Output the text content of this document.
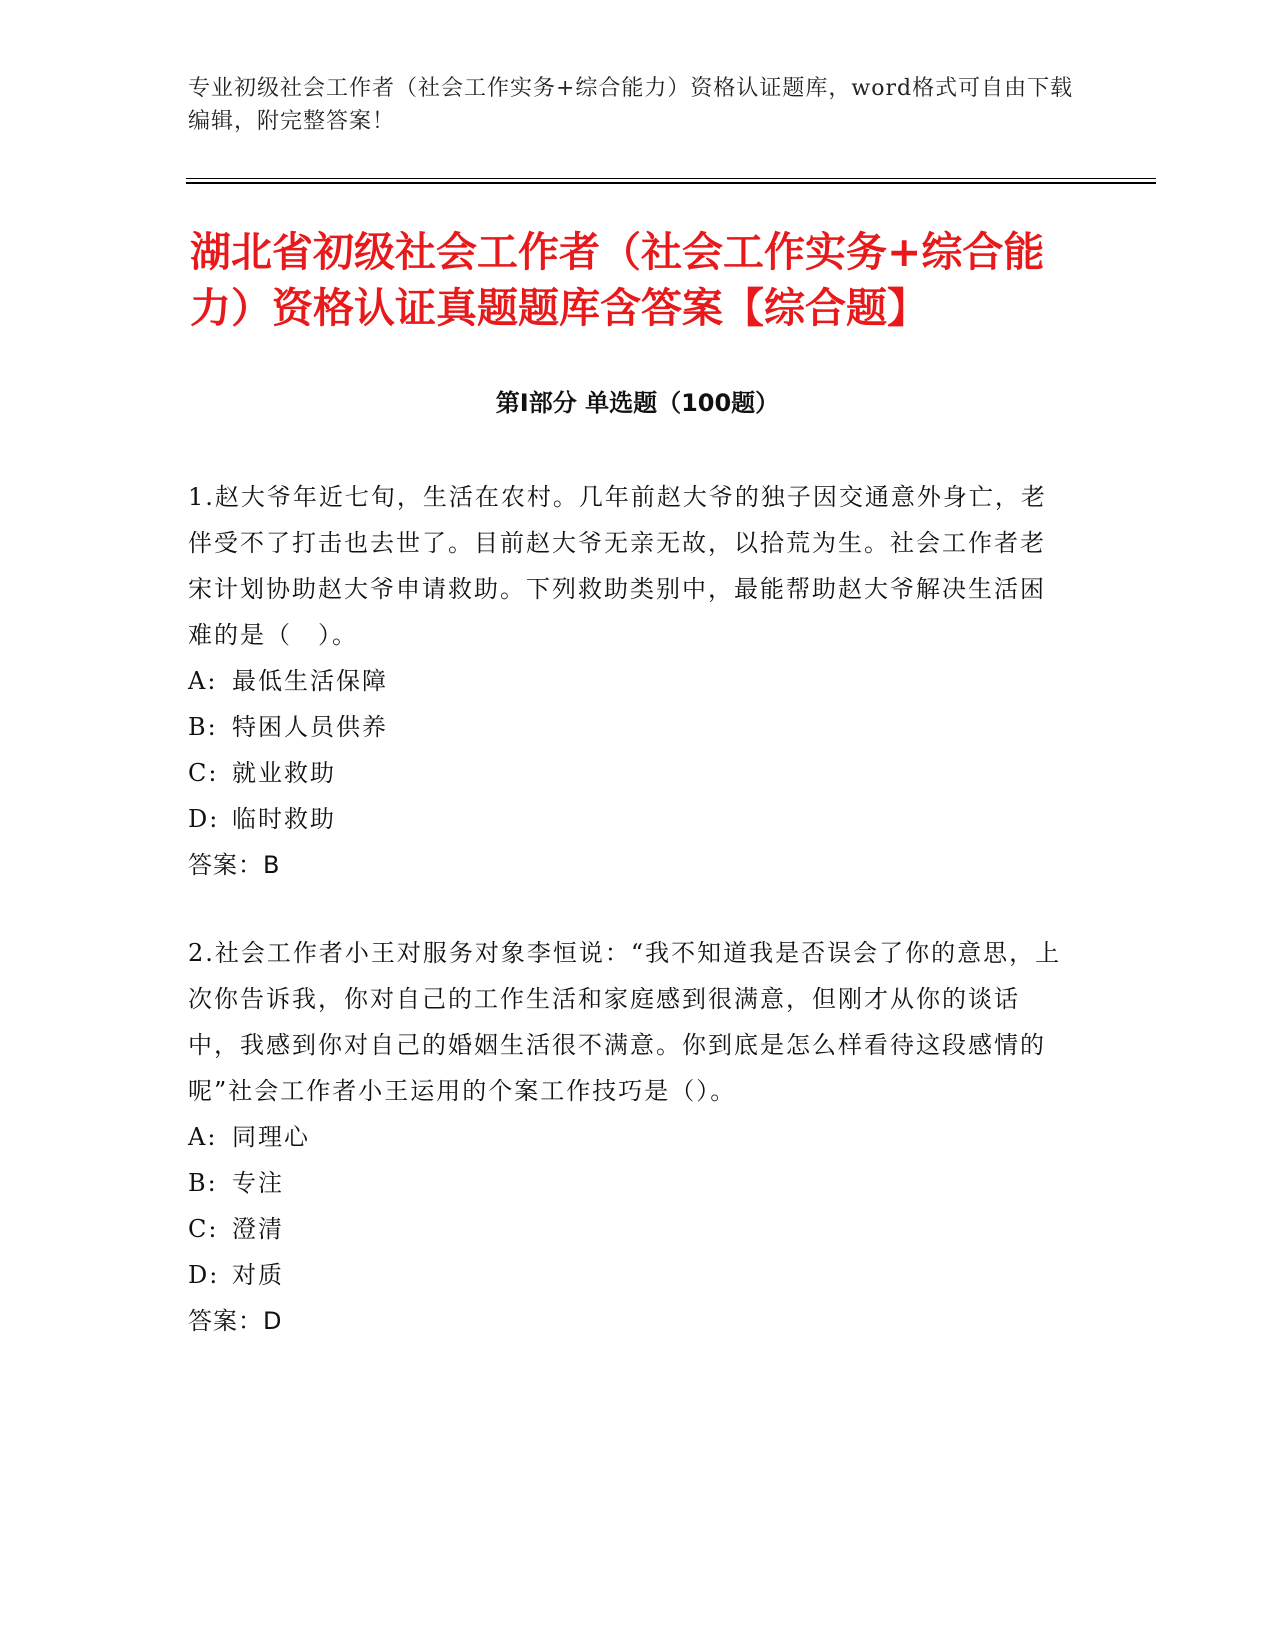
专业初级社会工作者（社会工作实务+综合能力）资格认证题库，word格式可自由下载编辑，附完整答案！
湖北省初级社会工作者（社会工作实务+综合能力）资格认证真题题库含答案【综合题】
第Ⅰ部分 单选题（100题）

1.赵大爷年近七旬，生活在农村。几年前赵大爷的独子因交通意外身亡，老伴受不了打击也去世了。目前赵大爷无亲无故，以拾荒为生。社会工作者老宋计划协助赵大爷申请救助。下列救助类别中，最能帮助赵大爷解决生活困难的是（　）。

A: 最低生活保障

B: 特困人员供养

C: 就业救助

D: 临时救助

答案：B

2.社会工作者小王对服务对象李恒说：“我不知道我是否误会了你的意思，上次你告诉我，你对自己的工作生活和家庭感到很满意，但刚才从你的谈话中，我感到你对自己的婚姻生活很不满意。你到底是怎么样看待这段感情的呢”社会工作者小王运用的个案工作技巧是（）。

A: 同理心

B: 专注

C: 澄清

D: 对质

答案：D
